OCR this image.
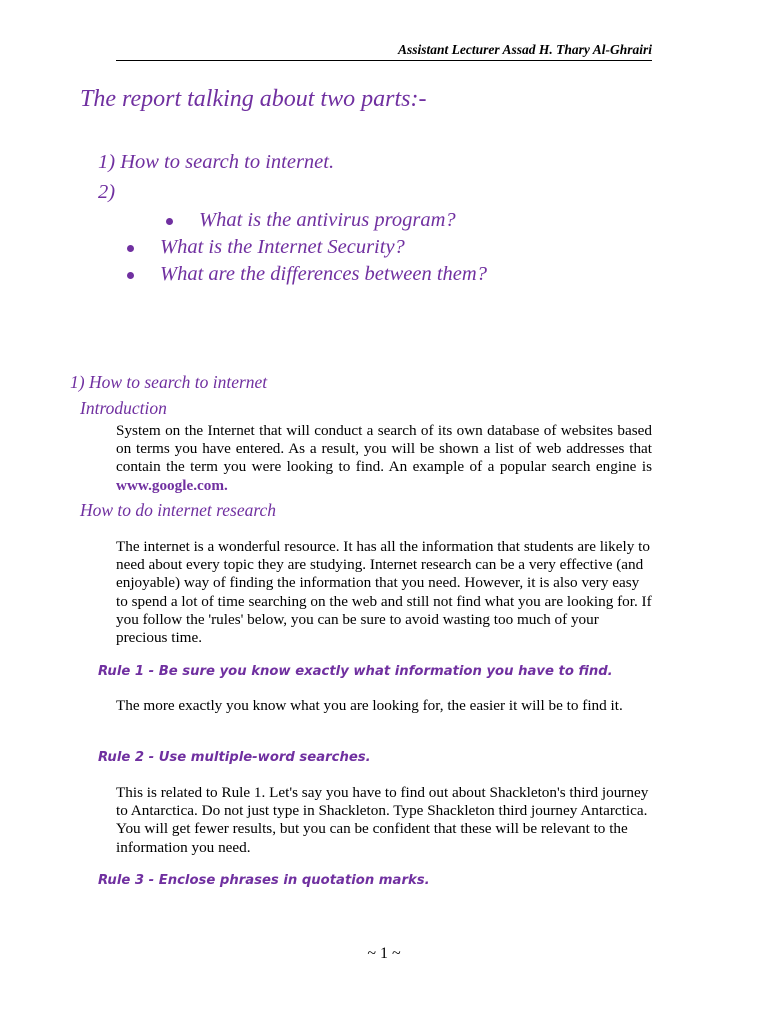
Assistant Lecturer Assad H. Thary Al-Ghrairi
The report talking about two parts:-
1) How to search to internet.
2)
What is the antivirus program?
What is the Internet Security?
What are the differences between them?
1) How to search to internet
Introduction

System on the Internet that will conduct a search of its own database of websites based on terms you have entered. As a result, you will be shown a list of web addresses that contain the term you were looking to find. An example of a popular search engine is www.google.com.

How to do internet research

The internet is a wonderful resource. It has all the information that students are likely to need about every topic they are studying. Internet research can be a very effective (and enjoyable) way of finding the information that you need. However, it is also very easy to spend a lot of time searching on the web and still not find what you are looking for. If you follow the 'rules' below, you can be sure to avoid wasting too much of your precious time.

Rule 1 - Be sure you know exactly what information you have to find.

The more exactly you know what you are looking for, the easier it will be to find it.

Rule 2 - Use multiple-word searches.

This is related to Rule 1. Let's say you have to find out about Shackleton's third journey to Antarctica. Do not just type in Shackleton. Type Shackleton third journey Antarctica. You will get fewer results, but you can be confident that these will be relevant to the information you need.

Rule 3 - Enclose phrases in quotation marks.

~ 1 ~
